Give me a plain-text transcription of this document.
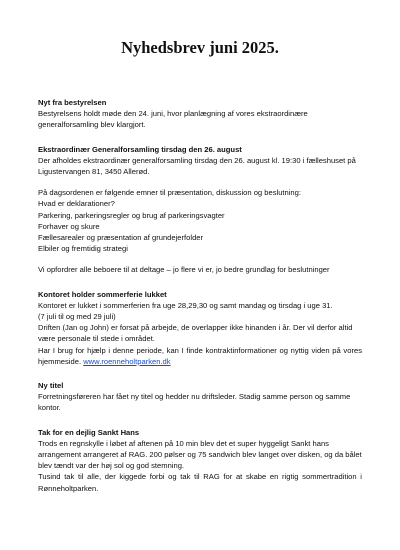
Nyhedsbrev juni 2025.

Nyt fra bestyrelsen

Bestyrelsens holdt møde den 24. juni, hvor planlægning af vores ekstraordinære generalforsamling blev klargjort.

Ekstraordinær Generalforsamling tirsdag den 26. august

Der afholdes ekstraordinær generalforsamling tirsdag den 26. august kl. 19:30 i fælleshuset på Ligustervangen 81, 3450 Allerød.

På dagsordenen er følgende emner til præsentation, diskussion og beslutning:

Hvad er deklarationer?

Parkering, parkeringsregler og brug af parkeringsvagter

Forhaver og skure

Fællesarealer og præsentation af grundejerfolder

Elbiler og fremtidig strategi

Vi opfordrer alle beboere til at deltage – jo flere vi er, jo bedre grundlag for beslutninger

Kontoret holder sommerferie lukket

Kontoret er lukket i sommerferien fra uge 28,29,30 og samt mandag og tirsdag i uge 31.

(7 juli til og med 29 juli)

Driften (Jan og John) er forsat på arbejde, de overlapper ikke hinanden i år. Der vil derfor altid være personale til stede i området.

Har I brug for hjælp i denne periode, kan I finde kontraktinformationer og nyttig viden på vores hjemmeside. www.roenneholtparken.dk

Ny titel

Forretningsføreren har fået ny titel og hedder nu driftsleder. Stadig samme person og samme kontor.

Tak for en dejlig Sankt Hans

Trods en regnskylle i løbet af aftenen på 10 min blev det et super hyggeligt Sankt hans arrangement arrangeret af RAG. 200 pølser og 75 sandwich blev langet over disken, og da bålet blev tændt var der høj sol og god stemning.

Tusind tak til alle, der kiggede forbi og tak til RAG for at skabe en rigtig sommertradition i Rønneholtparken.
